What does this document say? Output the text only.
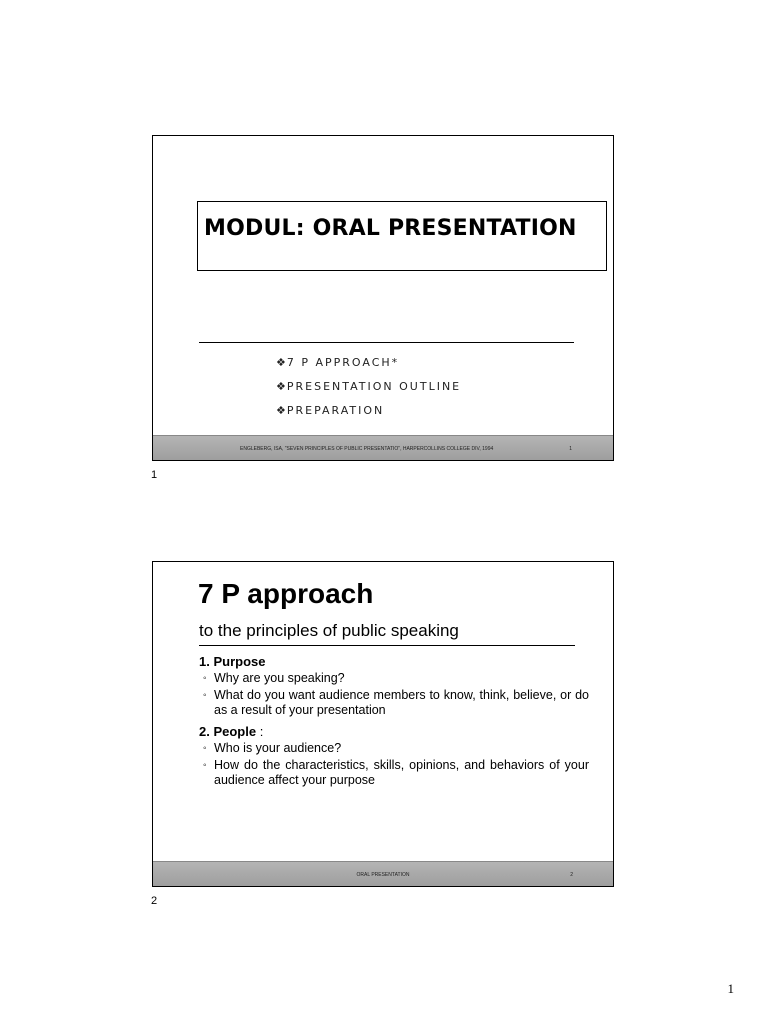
MODUL: ORAL PRESENTATION
❖7 P APPROACH*
❖PRESENTATION OUTLINE
❖PREPARATION
ENGLEBERG, ISA, "SEVEN PRINCIPLES OF PUBLIC PRESENTATIO", HARPERCOLLINS COLLEGE DIV, 1994	1
1
7 P approach
to the principles of public speaking

1. Purpose

◦ Why are you speaking?
◦ What do you want audience members to know, think, believe, or do as a result of your presentation

2. People :

◦ Who is your audience?
◦ How do the characteristics, skills, opinions, and behaviors of your audience affect your purpose
ORAL PRESENTATION	2
2
1
